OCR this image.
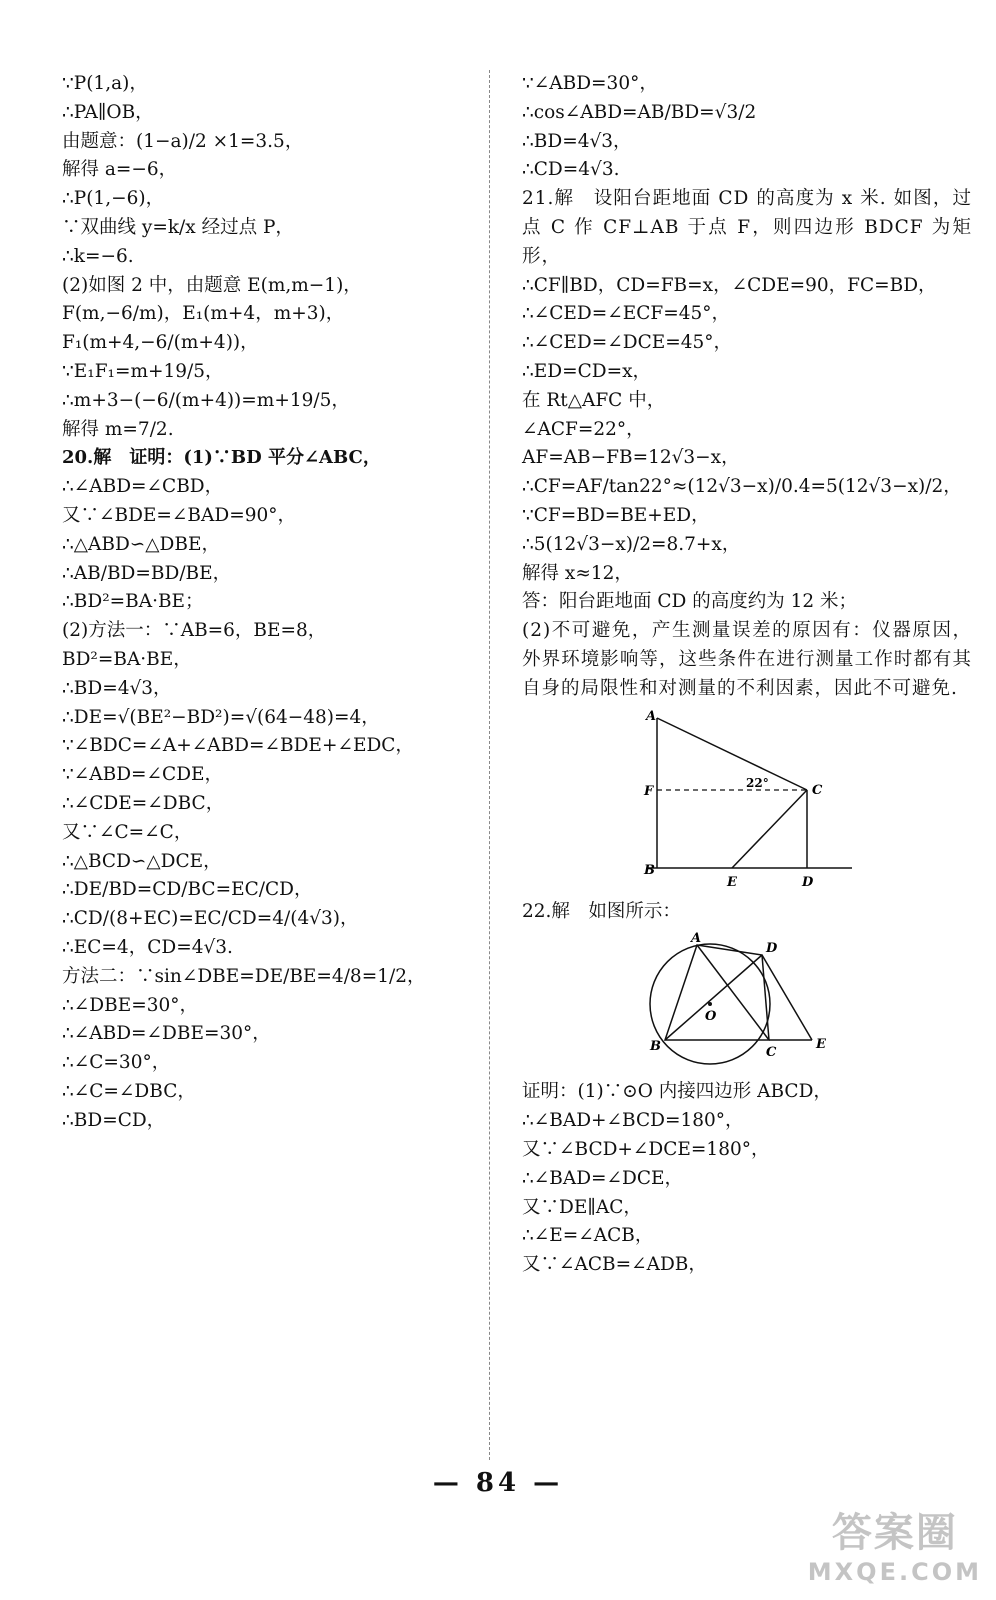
∵P(1,a)，
∴PA∥OB，
由题意：(1−a)/2 ×1=3.5，
解得 a=−6，
∴P(1,−6)，
∵双曲线 y=k/x 经过点 P，
∴k=−6.
(2)如图 2 中，由题意 E(m,m−1)，
F(m,−6/m)，E₁(m+4，m+3)，
F₁(m+4,−6/(m+4))，
∵E₁F₁=m+19/5，
∴m+3−(−6/(m+4))=m+19/5，
解得 m=7/2.
20.解　证明：(1)∵BD 平分∠ABC，
∴∠ABD=∠CBD，
又∵∠BDE=∠BAD=90°，
∴△ABD∽△DBE，
∴AB/BD=BD/BE，
∴BD²=BA·BE；
(2)方法一：∵AB=6，BE=8，
BD²=BA·BE，
∴BD=4√3，
∴DE=√(BE²−BD²)=√(64−48)=4，
∵∠BDC=∠A+∠ABD=∠BDE+∠EDC，
∵∠ABD=∠CDE，
∴∠CDE=∠DBC，
又∵∠C=∠C，
∴△BCD∽△DCE，
∴DE/BD=CD/BC=EC/CD，
∴CD/(8+EC)=EC/CD=4/(4√3)，
∴EC=4，CD=4√3.
方法二：∵sin∠DBE=DE/BE=4/8=1/2，
∴∠DBE=30°，
∴∠ABD=∠DBE=30°，
∴∠C=30°，
∴∠C=∠DBC，
∴BD=CD，
∵∠ABD=30°，
∴cos∠ABD=AB/BD=√3/2
∴BD=4√3，
∴CD=4√3.
21.解　设阳台距地面 CD 的高度为 x 米. 如图，过点 C 作 CF⊥AB 于点 F，则四边形 BDCF 为矩形，
∴CF∥BD，CD=FB=x，∠CDE=90，FC=BD，
∴∠CED=∠ECF=45°，
∴∠CED=∠DCE=45°，
∴ED=CD=x，
在 Rt△AFC 中，
∠ACF=22°，
AF=AB−FB=12√3−x，
∴CF=AF/tan22°≈(12√3−x)/0.4=5(12√3−x)/2，
∵CF=BD=BE+ED，
∴5(12√3−x)/2=8.7+x，
解得 x≈12，
答：阳台距地面 CD 的高度约为 12 米；
(2)不可避免，产生测量误差的原因有：仪器原因，外界环境影响等，这些条件在进行测量工作时都有其自身的局限性和对测量的不利因素，因此不可避免.
A
F	C
B
E	D
22°
22.解　如图所示：
A
D
O
B	C
E
证明：(1)∵⊙O 内接四边形 ABCD，
∴∠BAD+∠BCD=180°，
又∵∠BCD+∠DCE=180°，
∴∠BAD=∠DCE，
又∵DE∥AC，
∴∠E=∠ACB，
又∵∠ACB=∠ADB，
— 84 —
答案圈
MXQE.COM
